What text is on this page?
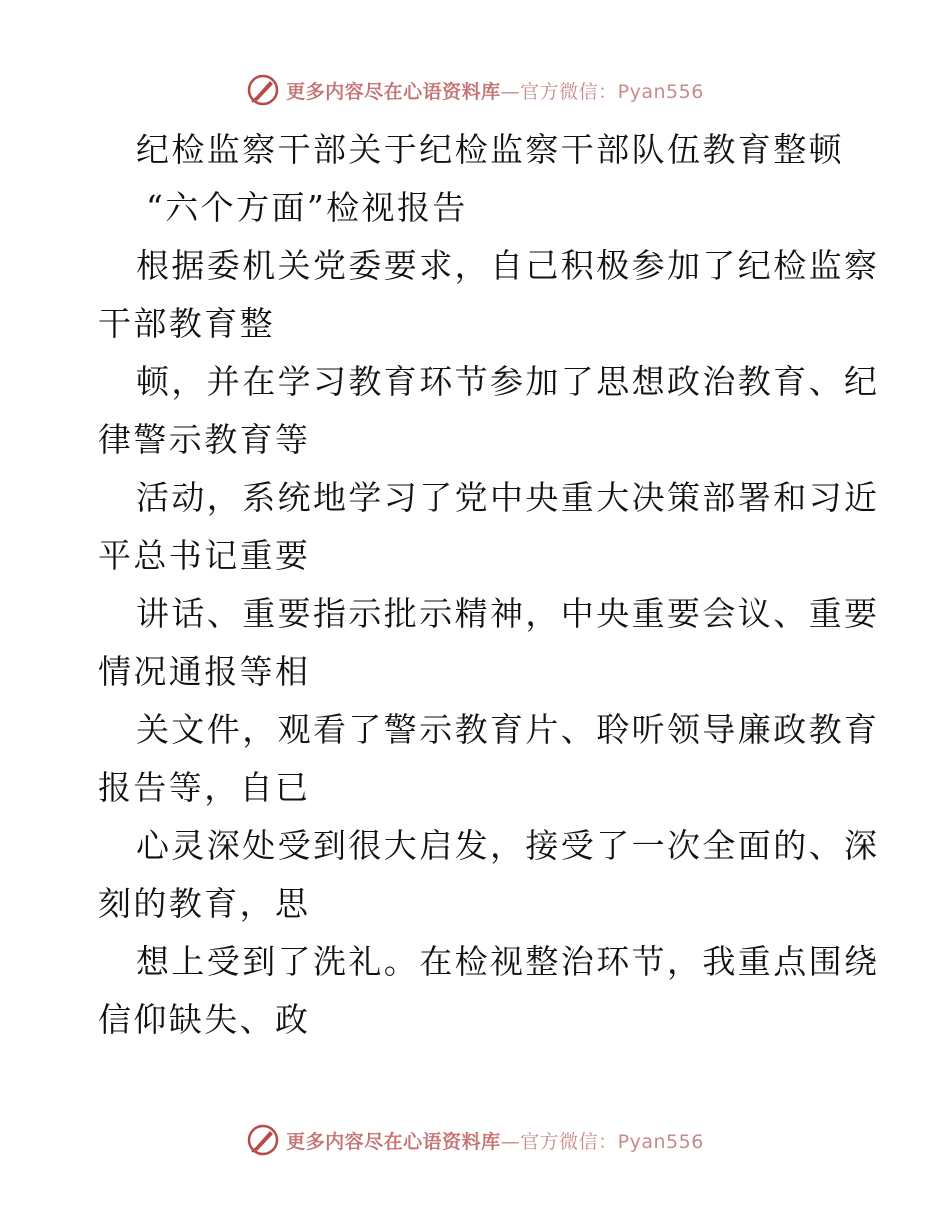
更多内容尽在心语资料库—官方微信：Pyan556
纪检监察干部关于纪检监察干部队伍教育整顿
“六个方面”检视报告
根据委机关党委要求，自己积极参加了纪检监察
干部教育整
顿，并在学习教育环节参加了思想政治教育、纪
律警示教育等
活动，系统地学习了党中央重大决策部署和习近
平总书记重要
讲话、重要指示批示精神，中央重要会议、重要
情况通报等相
关文件，观看了警示教育片、聆听领导廉政教育
报告等，自已
心灵深处受到很大启发，接受了一次全面的、深
刻的教育，思
想上受到了洗礼。在检视整治环节，我重点围绕
信仰缺失、政
更多内容尽在心语资料库—官方微信：Pyan556
